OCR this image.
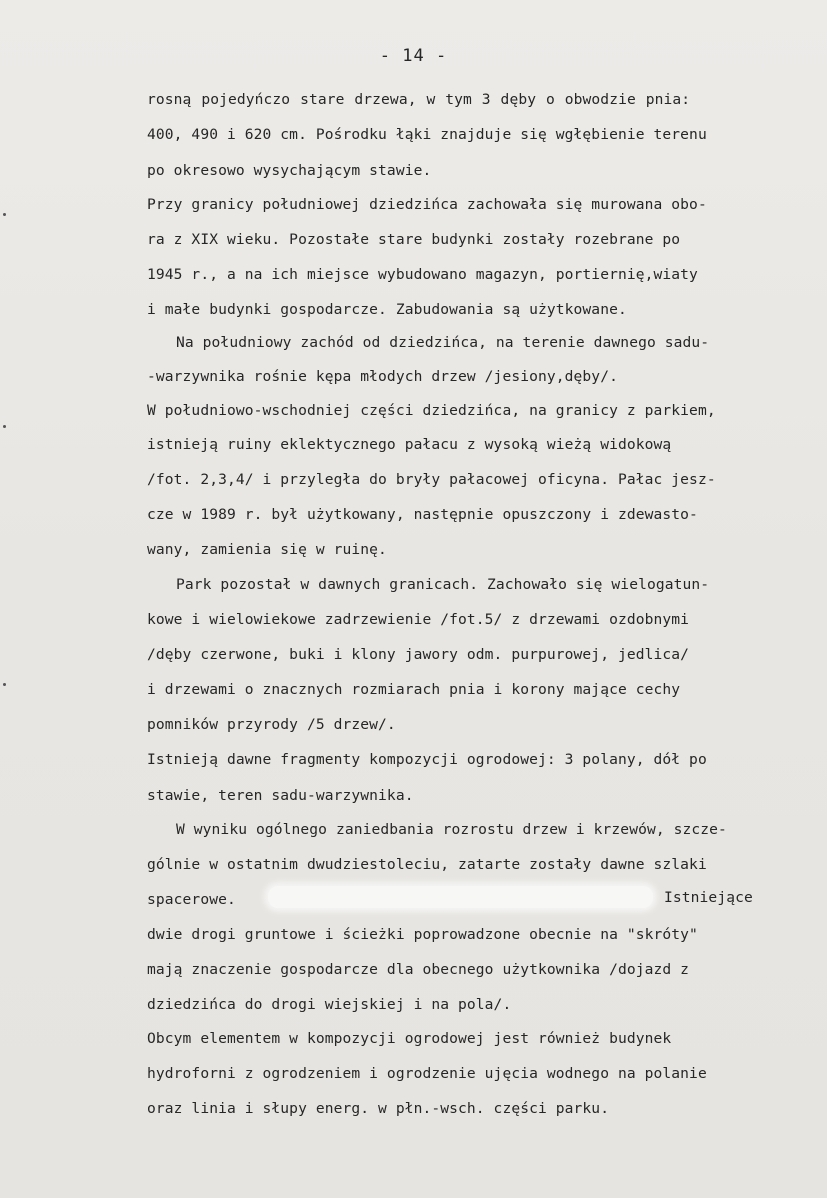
- 14 -
rosną pojedyńczo stare drzewa, w tym 3 dęby o obwodzie pnia:
400, 490 i 620 cm. Pośrodku łąki znajduje się wgłębienie terenu
po okresowo wysychającym stawie.
Przy granicy południowej dziedzińca zachowała się murowana obo-
ra z XIX wieku. Pozostałe stare budynki zostały rozebrane po
1945 r., a na ich miejsce wybudowano magazyn, portiernię,wiaty
i małe budynki gospodarcze. Zabudowania są użytkowane.
Na południowy zachód od dziedzińca, na terenie dawnego sadu-
-warzywnika rośnie kępa młodych drzew /jesiony,dęby/.
W południowo-wschodniej części dziedzińca, na granicy z parkiem,
istnieją ruiny eklektycznego pałacu z wysoką wieżą widokową
/fot. 2,3,4/ i przyległa do bryły pałacowej oficyna. Pałac jesz-
cze w 1989 r. był użytkowany, następnie opuszczony i zdewasto-
wany, zamienia się w ruinę.
Park pozostał w dawnych granicach. Zachowało się wielogatun-
kowe i wielowiekowe zadrzewienie /fot.5/ z drzewami ozdobnymi
/dęby czerwone, buki i klony jawory odm. purpurowej, jedlica/
i drzewami o znacznych rozmiarach pnia i korony mające cechy
pomników przyrody /5 drzew/.
Istnieją dawne fragmenty kompozycji ogrodowej: 3 polany, dół po
stawie, teren sadu-warzywnika.
W wyniku ogólnego zaniedbania rozrostu drzew i krzewów, szcze-
gólnie w ostatnim dwudziestoleciu, zatarte zostały dawne szlaki
spacerowe.	Istniejące
dwie drogi gruntowe i ścieżki poprowadzone obecnie na "skróty"
mają znaczenie gospodarcze dla obecnego użytkownika /dojazd z
dziedzińca do drogi wiejskiej i na pola/.
Obcym elementem w kompozycji ogrodowej jest również budynek
hydroforni z ogrodzeniem i ogrodzenie ujęcia wodnego na polanie
oraz linia i słupy energ. w płn.-wsch. części parku.
